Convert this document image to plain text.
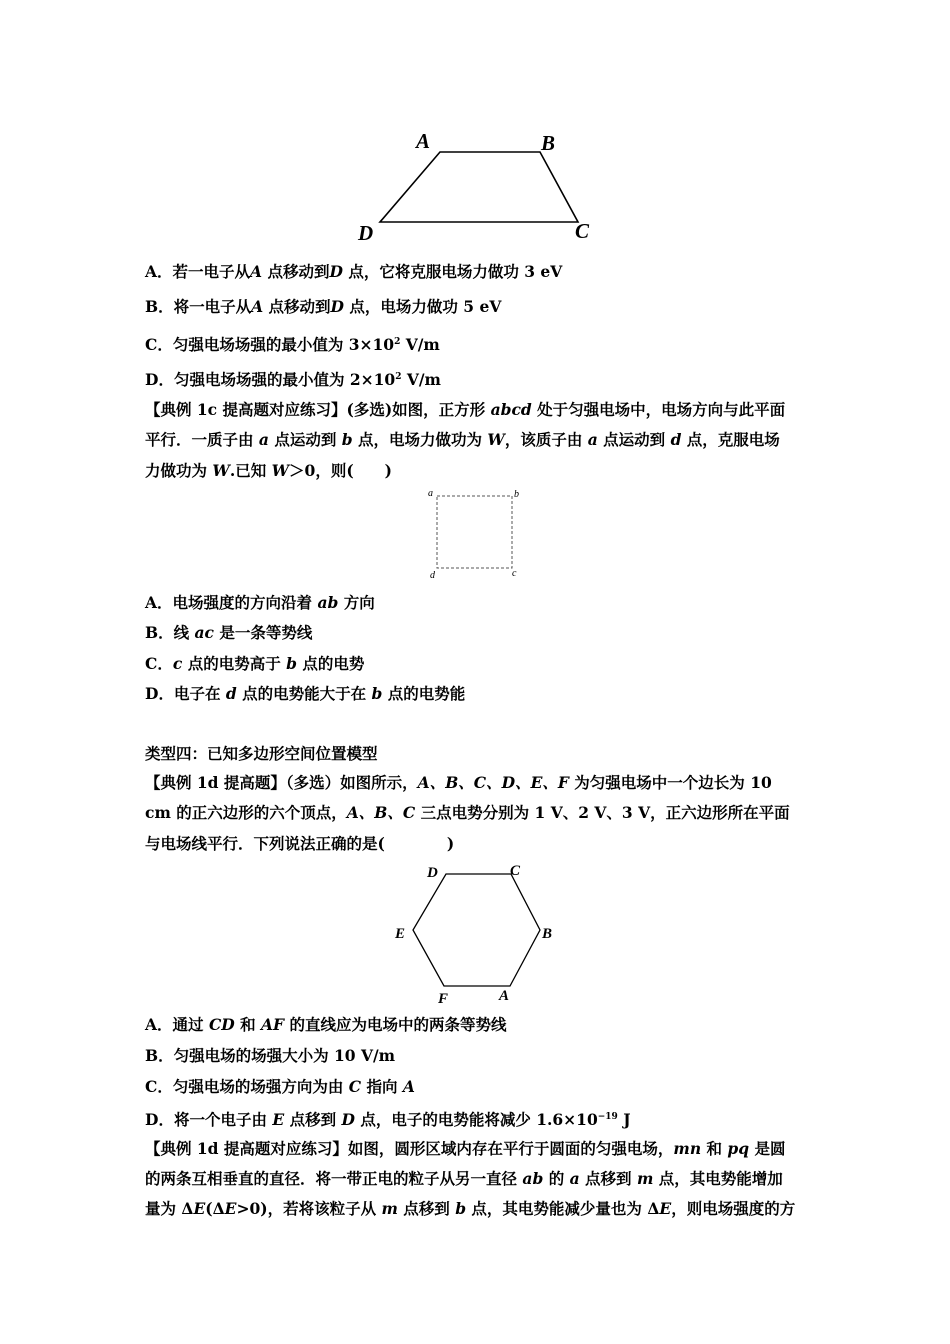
A	B
C
D
A．若一电子从A 点移动到D 点，它将克服电场力做功 3 eV
B．将一电子从A 点移动到D 点，电场力做功 5 eV
C．匀强电场场强的最小值为 $3\times 10^2$ V/m
D．匀强电场场强的最小值为 $2\times 10^2$ V/m
【典例 1c 提高题对应练习】(多选)如图，正方形 abcd 处于匀强电场中，电场方向与此平面
平行．一质子由 a 点运动到 b 点，电场力做功为 W，该质子由 a 点运动到 d 点，克服电场
力做功为 W.已知 W＞0，则(　　)
a	b
c
d
A．电场强度的方向沿着 ab 方向
B．线 ac 是一条等势线
C．c 点的电势高于 b 点的电势
D．电子在 d 点的电势能大于在 b 点的电势能
类型四：已知多边形空间位置模型
【典例 1d 提高题】（多选）如图所示，A、B、C、D、E、F 为匀强电场中一个边长为 10
cm 的正六边形的六个顶点，A、B、C 三点电势分别为 1 V、2 V、3 V，正六边形所在平面
与电场线平行．下列说法正确的是(　　　　)
D	C
B
E
F	A
A．通过 CD 和 AF 的直线应为电场中的两条等势线
B．匀强电场的场强大小为 10 V/m
C．匀强电场的场强方向为由 C 指向 A
D．将一个电子由 E 点移到 D 点，电子的电势能将减少 $1.6\times 10^{-19}$ J
【典例 1d 提高题对应练习】如图，圆形区域内存在平行于圆面的匀强电场，mn 和 pq 是圆
的两条互相垂直的直径．将一带正电的粒子从另一直径 ab 的 a 点移到 m 点，其电势能增加
量为 ΔE(ΔE>0)，若将该粒子从 m 点移到 b 点，其电势能减少量也为 ΔE，则电场强度的方
